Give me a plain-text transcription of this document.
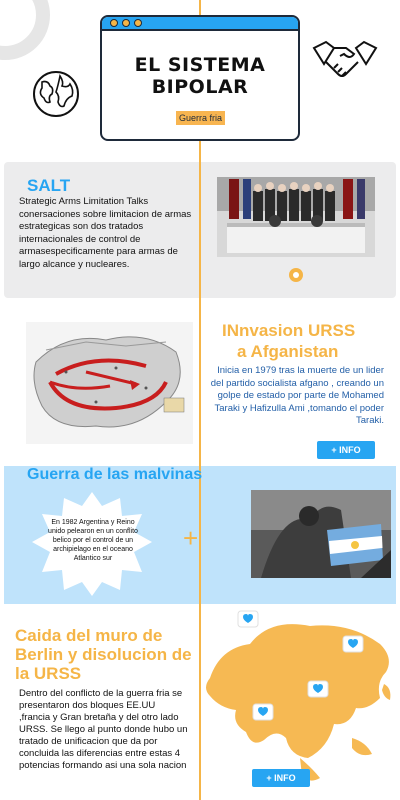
EL SISTEMA
BIPOLAR
Guerra fria
SALT
Strategic Arms Limitation Talks conersaciones sobre limitacion de armas estrategicas son dos tratados internacionales de control de armasespecificamente para armas de largo alcance y nucleares.
INnvasion URSS
a Afganistan
Inicia en 1979 tras la muerte de un lider del partido socialista afgano , creando un golpe de estado por parte de Mohamed Taraki y Hafizulla Ami ,tomando el poder Taraki.
+ INFO
Guerra de las malvinas
En 1982 Argentina y Reino unido pelearon en un conflito belico por el control de un archipielago en el oceano Atlantico sur
+
Caida del muro de Berlin y disolucion de la URSS
Dentro del conflicto de la guerra fria se presentaron dos bloques EE.UU ,francia y Gran bretaña y del otro lado URSS. Se llego al punto donde hubo un tratado de unificacion que da por concluida las diferencias entre estas 4 potencias formando asi una sola nacion
+ INFO
